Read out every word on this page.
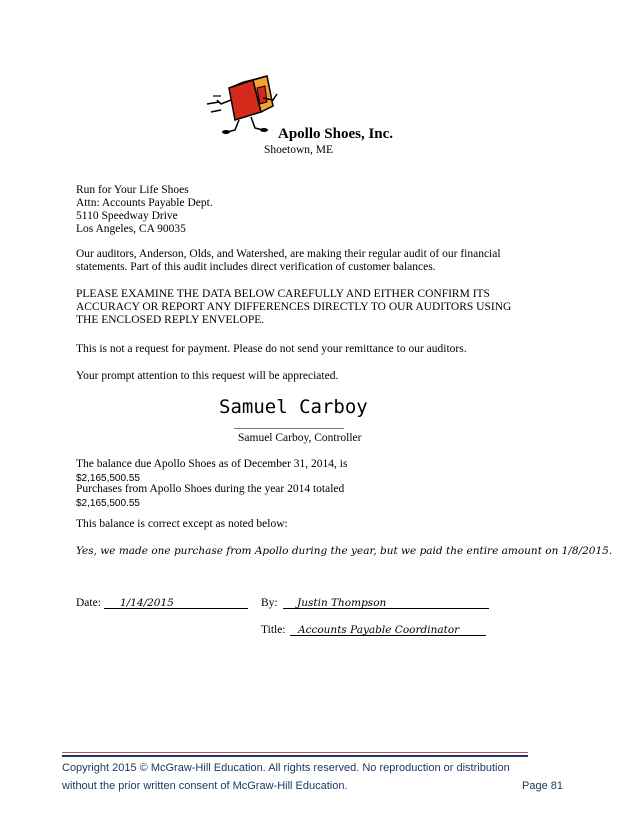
Apollo Shoes, Inc.
Shoetown, ME
Run for Your Life Shoes
Attn: Accounts Payable Dept.
5110 Speedway Drive
Los Angeles, CA 90035
Our auditors, Anderson, Olds, and Watershed, are making their regular audit of our financial
statements. Part of this audit includes direct verification of customer balances.
PLEASE EXAMINE THE DATA BELOW CAREFULLY AND EITHER CONFIRM ITS
ACCURACY OR REPORT ANY DIFFERENCES DIRECTLY TO OUR AUDITORS USING
THE ENCLOSED REPLY ENVELOPE.
This is not a request for payment. Please do not send your remittance to our auditors.
Your prompt attention to this request will be appreciated.
Samuel Carboy
____________________
Samuel Carboy, Controller
The balance due Apollo Shoes as of December 31, 2014, is
$2,165,500.55
Purchases from Apollo Shoes during the year 2014 totaled
$2,165,500.55
This balance is correct except as noted below:
Yes, we made one purchase from Apollo during the year, but we paid the entire amount on 1/8/2015.
Date: 1/14/2015	By: Justin Thompson
Title: Accounts Payable Coordinator
Copyright 2015 © McGraw-Hill Education. All rights reserved. No reproduction or distribution
without the prior written consent of McGraw-Hill Education.	Page 81
